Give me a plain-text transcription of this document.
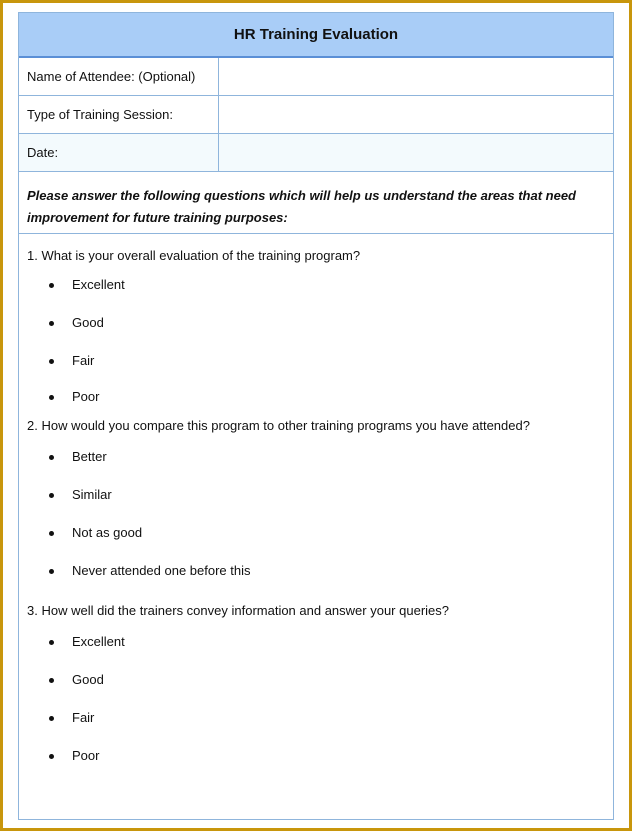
HR Training Evaluation
Name of Attendee: (Optional)
Type of Training Session:
Date:
Please answer the following questions which will help us understand the areas that need improvement for future training purposes:
1. What is your overall evaluation of the training program?
Excellent
Good
Fair
Poor
2. How would you compare this program to other training programs you have attended?
Better
Similar
Not as good
Never attended one before this
3. How well did the trainers convey information and answer your queries?
Excellent
Good
Fair
Poor
